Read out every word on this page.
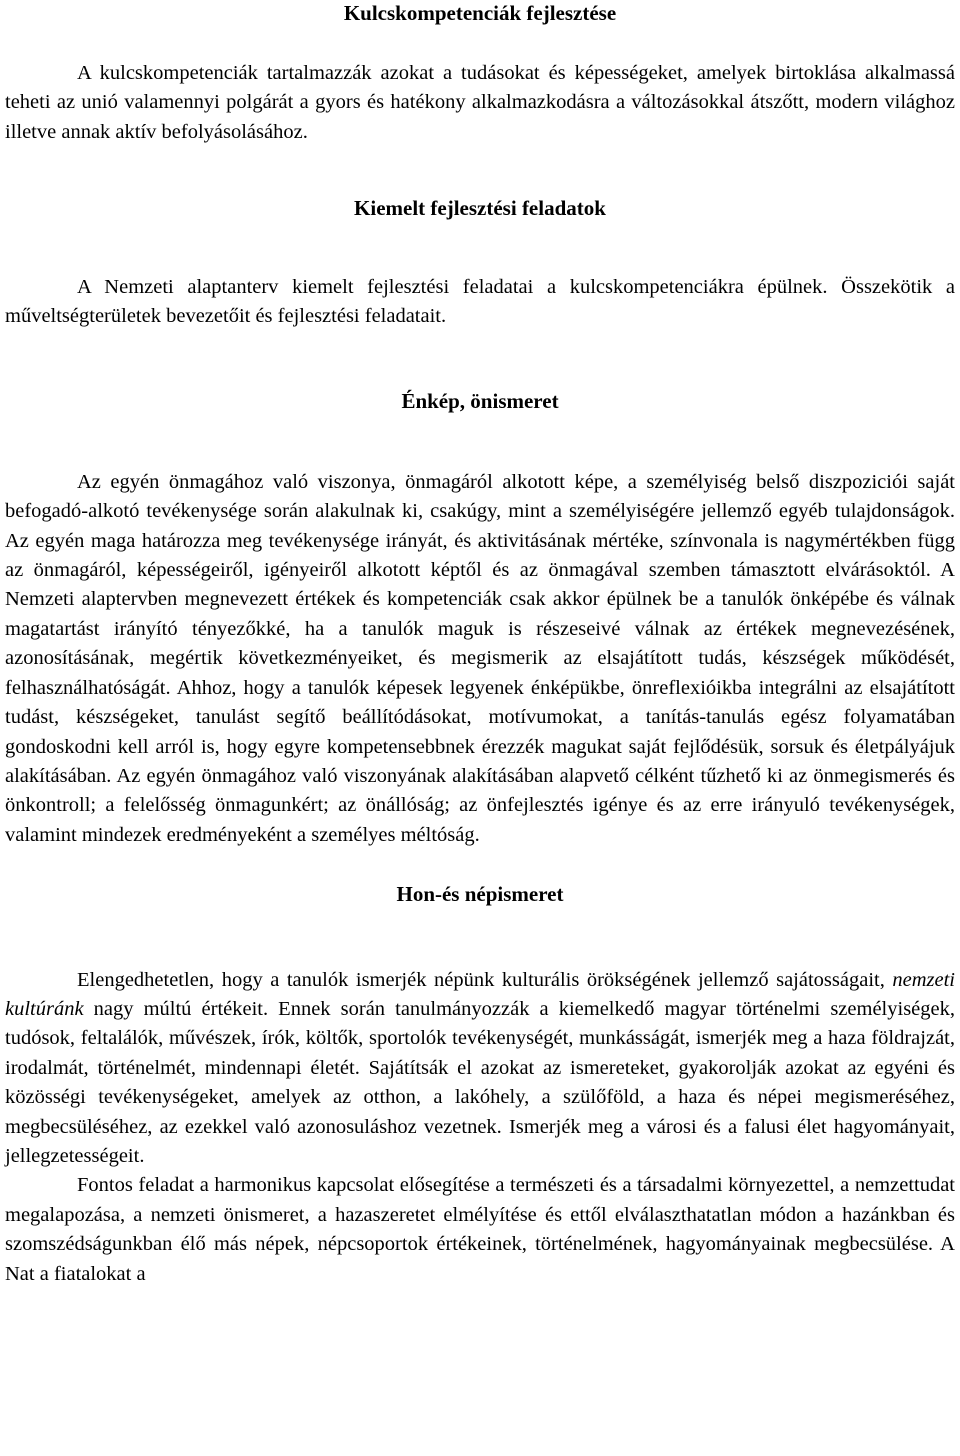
Kulcskompetenciák fejlesztése

A kulcskompetenciák tartalmazzák azokat a tudásokat és képességeket, amelyek birtoklása alkalmassá teheti az unió valamennyi polgárát a gyors és hatékony alkalmazkodásra a változásokkal átszőtt, modern világhoz illetve annak aktív befolyásolásához.

Kiemelt fejlesztési feladatok

A Nemzeti alaptanterv kiemelt fejlesztési feladatai a kulcskompetenciákra épülnek. Összekötik a műveltségterületek bevezetőit és fejlesztési feladatait.

Énkép, önismeret

Az egyén önmagához való viszonya, önmagáról alkotott képe, a személyiség belső diszpoziciói saját befogadó-alkotó tevékenysége során alakulnak ki, csakúgy, mint a személyiségére jellemző egyéb tulajdonságok. Az egyén maga határozza meg tevékenysége irányát, és aktivitásának mértéke, színvonala is nagymértékben függ az önmagáról, képességeiről, igényeiről alkotott képtől és az önmagával szemben támasztott elvárásoktól. A Nemzeti alaptervben megnevezett értékek és kompetenciák csak akkor épülnek be a tanulók önképébe és válnak magatartást irányító tényezőkké, ha a tanulók maguk is részeseivé válnak az értékek megnevezésének, azonosításának, megértik következményeiket, és megismerik az elsajátított tudás, készségek működését, felhasználhatóságát. Ahhoz, hogy a tanulók képesek legyenek énképükbe, önreflexióikba integrálni az elsajátított tudást, készségeket, tanulást segítő beállítódásokat, motívumokat, a tanítás-tanulás egész folyamatában gondoskodni kell arról is, hogy egyre kompetensebbnek érezzék magukat saját fejlődésük, sorsuk és életpályájuk alakításában. Az egyén önmagához való viszonyának alakításában alapvető célként tűzhető ki az önmegismerés és önkontroll; a felelősség önmagunkért; az önállóság; az önfejlesztés igénye és az erre irányuló tevékenységek, valamint mindezek eredményeként a személyes méltóság.

Hon-és népismeret

Elengedhetetlen, hogy a tanulók ismerjék népünk kulturális örökségének jellemző sajátosságait, nemzeti kultúránk nagy múltú értékeit. Ennek során tanulmányozzák a kiemelkedő magyar történelmi személyiségek, tudósok, feltalálók, művészek, írók, költők, sportolók tevékenységét, munkásságát, ismerjék meg a haza földrajzát, irodalmát, történelmét, mindennapi életét. Sajátítsák el azokat az ismereteket, gyakorolják azokat az egyéni és közösségi tevékenységeket, amelyek az otthon, a lakóhely, a szülőföld, a haza és népei megismeréséhez, megbecsüléséhez, az ezekkel való azonosuláshoz vezetnek. Ismerjék meg a városi és a falusi élet hagyományait, jellegzetességeit.

Fontos feladat a harmonikus kapcsolat elősegítése a természeti és a társadalmi környezettel, a nemzettudat megalapozása, a nemzeti önismeret, a hazaszeretet elmélyítése és ettől elválaszthatatlan módon a hazánkban és szomszédságunkban élő más népek, népcsoportok értékeinek, történelmének, hagyományainak megbecsülése. A Nat a fiatalokat a
